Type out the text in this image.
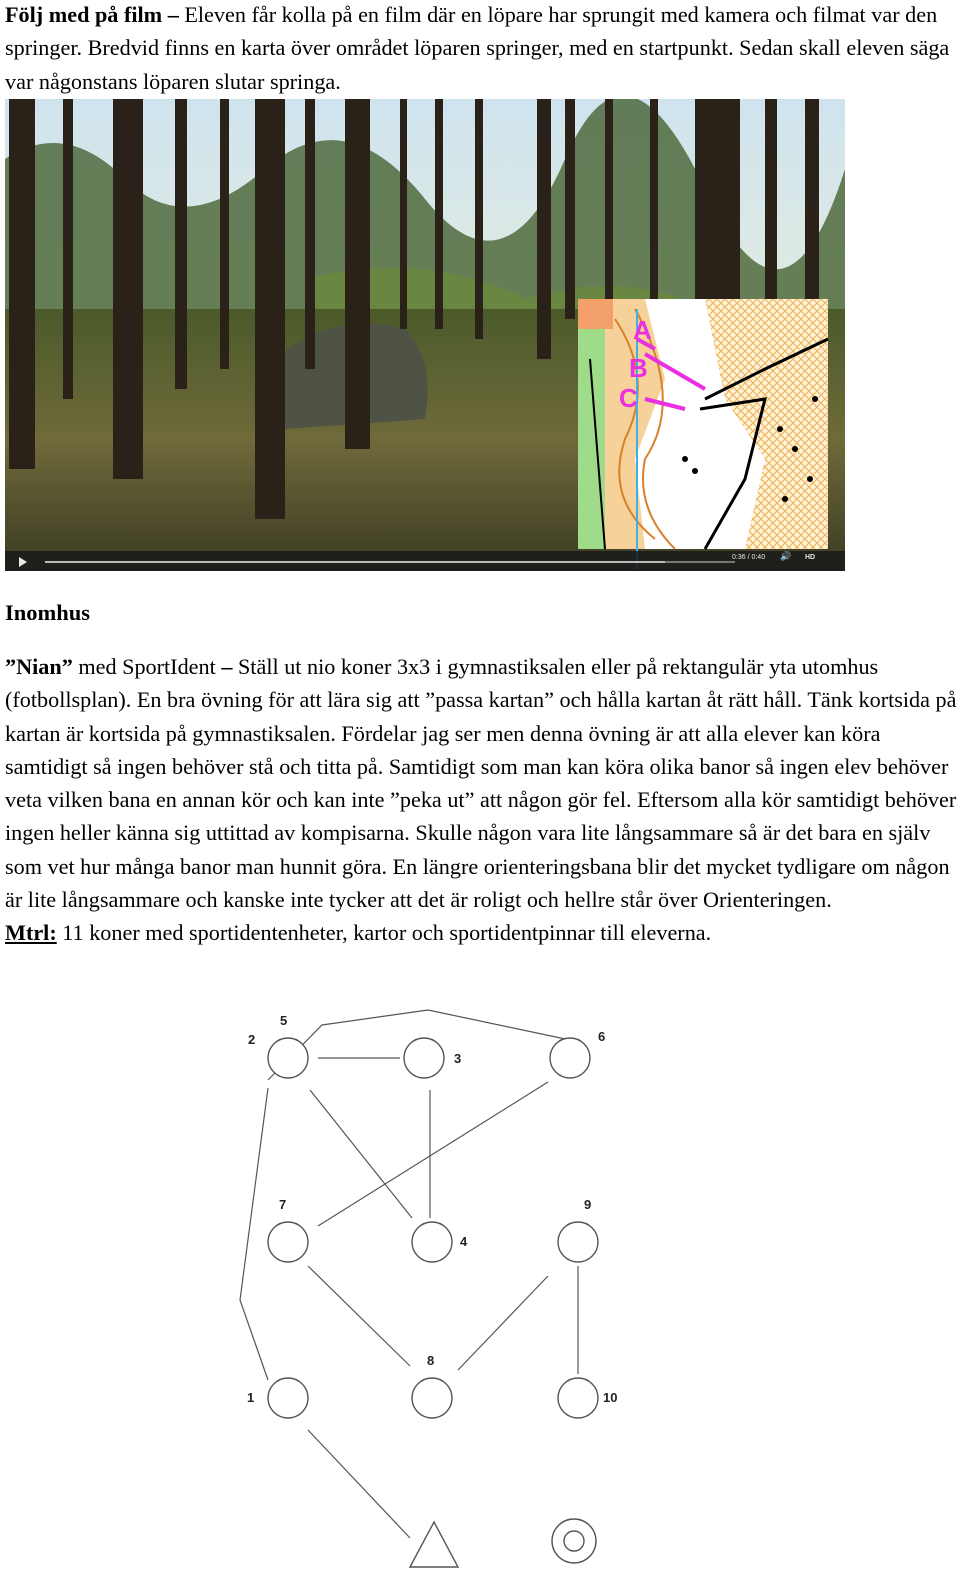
Följ med på film – Eleven får kolla på en film där en löpare har sprungit med kamera och filmat var den springer. Bredvid finns en karta över området löparen springer, med en startpunkt. Sedan skall eleven säga var någonstans löparen slutar springa.

A
B
C
0:36 / 0:40 🔊 HD
Inomhus

”Nian” med SportIdent – Ställ ut nio koner 3x3 i gymnastiksalen eller på rektangulär yta utomhus (fotbollsplan). En bra övning för att lära sig att ”passa kartan” och hålla kartan åt rätt håll. Tänk kortsida på kartan är kortsida på gymnastiksalen. Fördelar jag ser men denna övning är att alla elever kan köra samtidigt så ingen behöver stå och titta på. Samtidigt som man kan köra olika banor så ingen elev behöver veta vilken bana en annan kör och kan inte ”peka ut” att någon gör fel. Eftersom alla kör samtidigt behöver ingen heller känna sig uttittad av kompisarna. Skulle någon vara lite långsammare så är det bara en själv som vet hur många banor man hunnit göra. En längre orienteringsbana blir det mycket tydligare om någon är lite långsammare och kanske inte tycker att det är roligt och hellre står över Orienteringen.
Mtrl: 11 koner med sportidentenheter, kartor och sportidentpinnar till eleverna.

5
2
3
6
7	9
4
8
1	10
